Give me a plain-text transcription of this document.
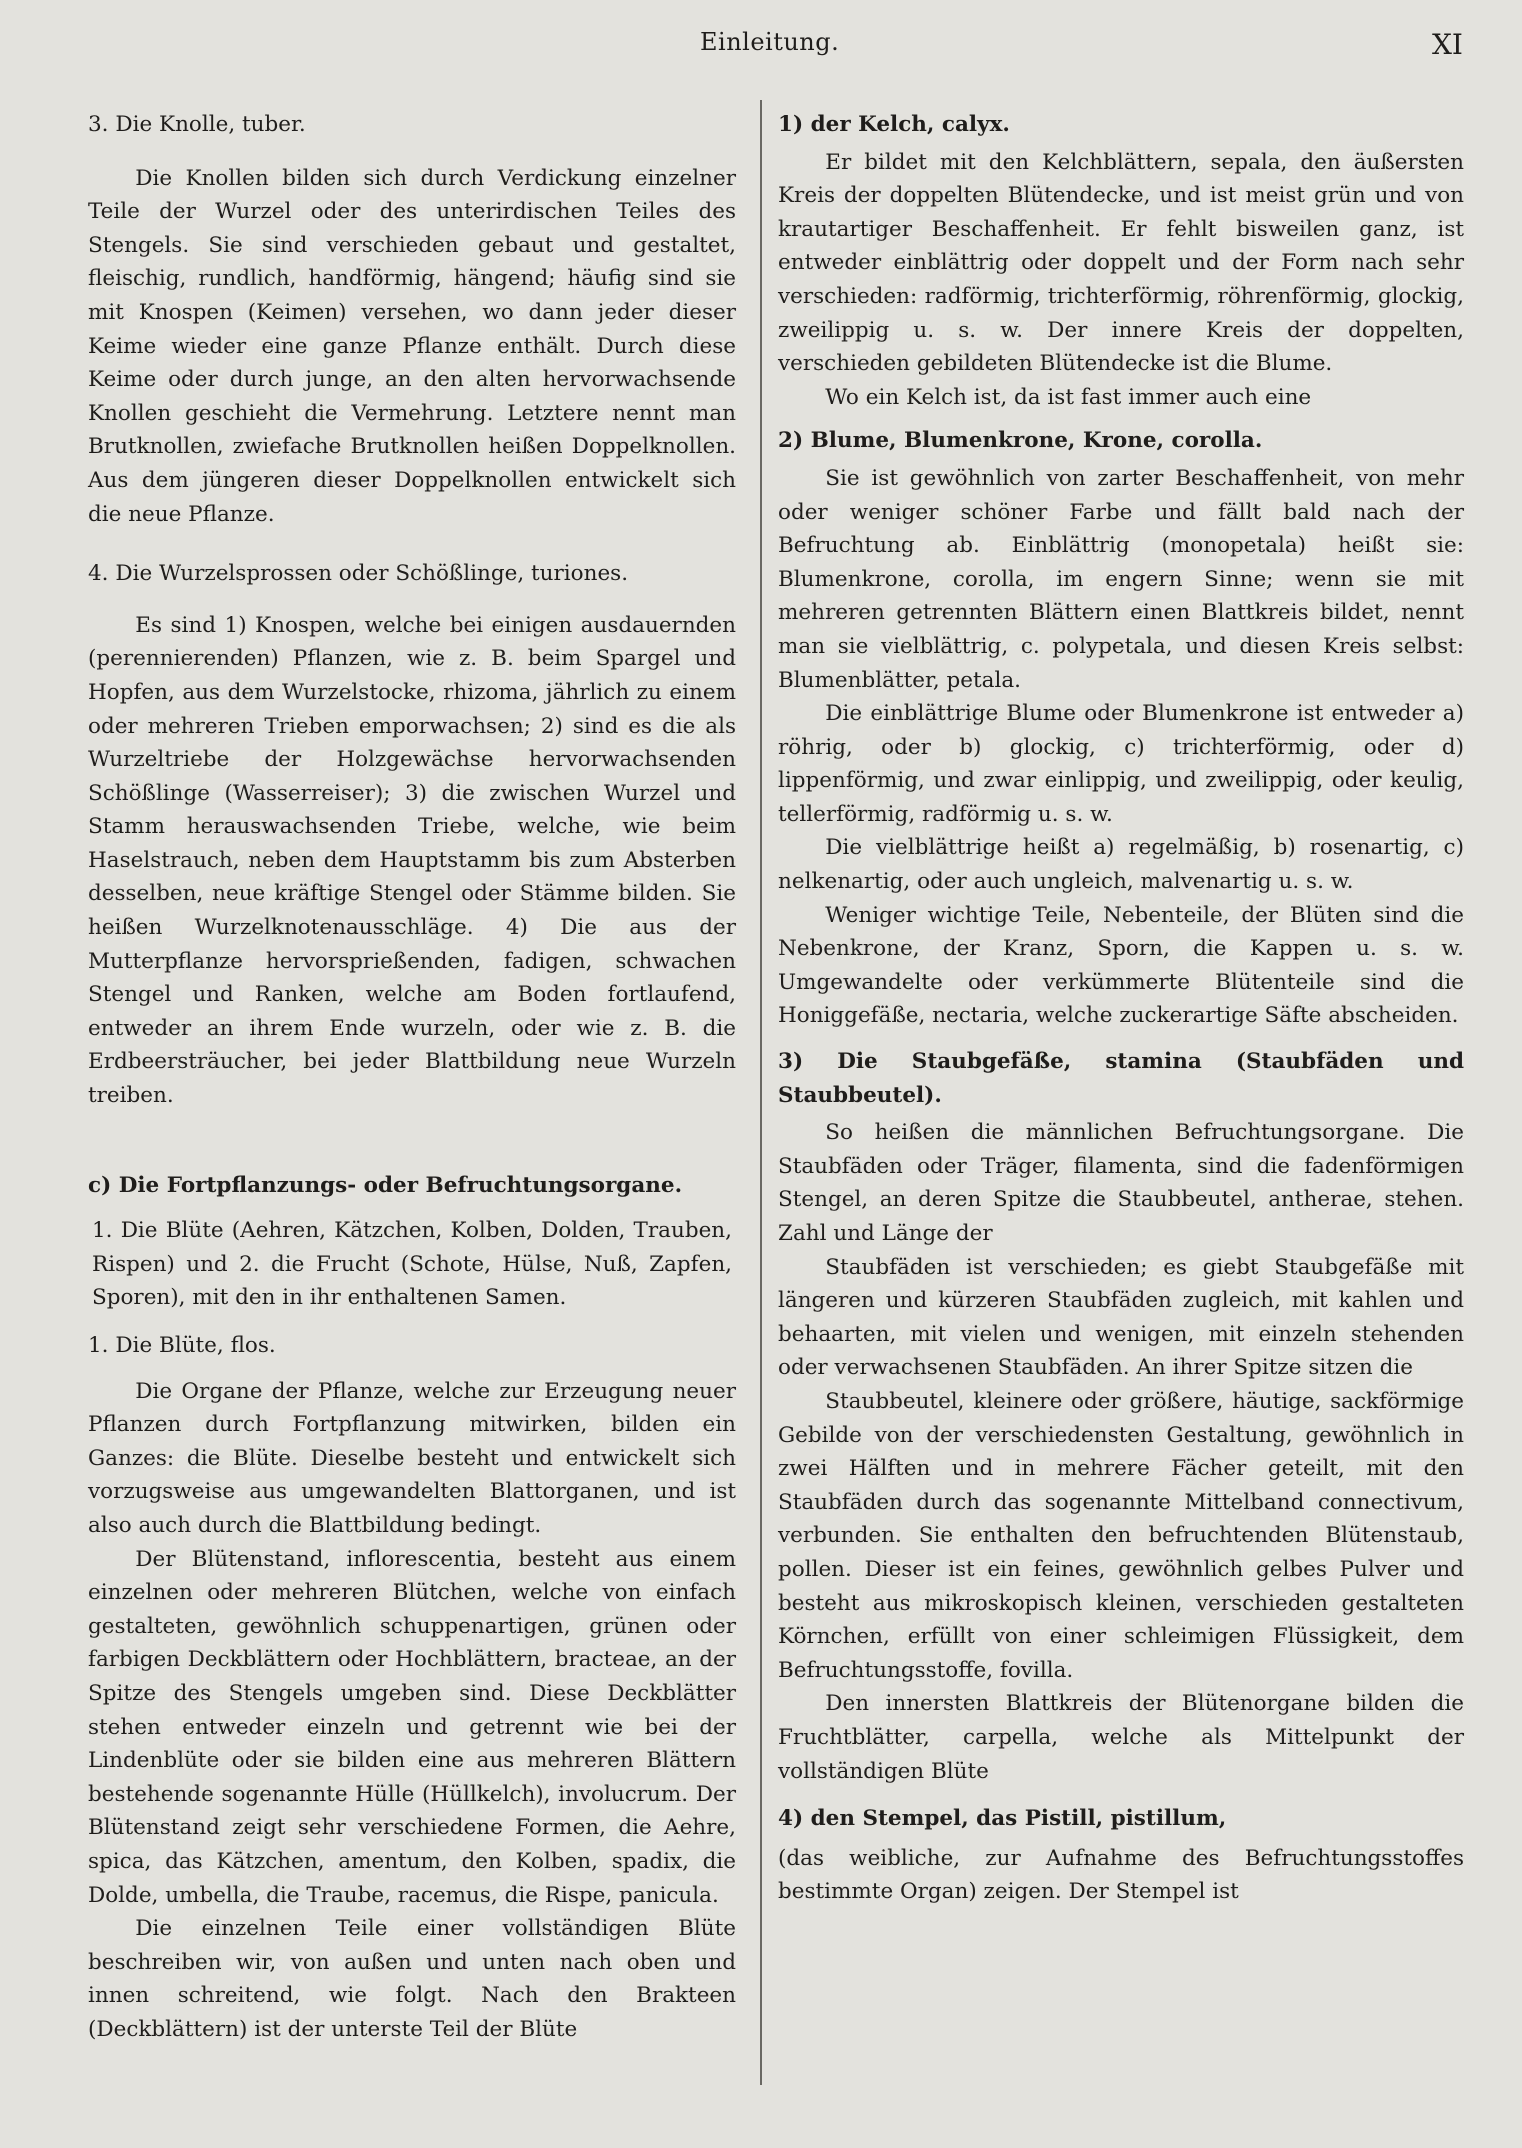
Einleitung.	XI

3. Die Knolle, tuber.

Die Knollen bilden sich durch Verdickung einzelner Teile der Wurzel oder des unterirdischen Teiles des Stengels. Sie sind verschieden gebaut und gestaltet, fleischig, rundlich, handförmig, hängend; häufig sind sie mit Knospen (Keimen) versehen, wo dann jeder dieser Keime wieder eine ganze Pflanze enthält. Durch diese Keime oder durch junge, an den alten hervorwachsende Knollen geschieht die Vermehrung. Letztere nennt man Brutknollen, zwiefache Brutknollen heißen Doppelknollen. Aus dem jüngeren dieser Doppelknollen entwickelt sich die neue Pflanze.

4. Die Wurzelsprossen oder Schößlinge, turiones.

Es sind 1) Knospen, welche bei einigen ausdauernden (perennierenden) Pflanzen, wie z. B. beim Spargel und Hopfen, aus dem Wurzelstocke, rhizoma, jährlich zu einem oder mehreren Trieben emporwachsen; 2) sind es die als Wurzeltriebe der Holzgewächse hervorwachsenden Schößlinge (Wasserreiser); 3) die zwischen Wurzel und Stamm herauswachsenden Triebe, welche, wie beim Haselstrauch, neben dem Hauptstamm bis zum Absterben desselben, neue kräftige Stengel oder Stämme bilden. Sie heißen Wurzelknotenausschläge. 4) Die aus der Mutterpflanze hervorsprießenden, fadigen, schwachen Stengel und Ranken, welche am Boden fortlaufend, entweder an ihrem Ende wurzeln, oder wie z. B. die Erdbeersträucher, bei jeder Blattbildung neue Wurzeln treiben.

c) Die Fortpflanzungs- oder Befruchtungsorgane.

1. Die Blüte (Aehren, Kätzchen, Kolben, Dolden, Trauben, Rispen) und 2. die Frucht (Schote, Hülse, Nuß, Zapfen, Sporen), mit den in ihr enthaltenen Samen.

1. Die Blüte, flos.

Die Organe der Pflanze, welche zur Erzeugung neuer Pflanzen durch Fortpflanzung mitwirken, bilden ein Ganzes: die Blüte. Dieselbe besteht und entwickelt sich vorzugsweise aus umgewandelten Blattorganen, und ist also auch durch die Blattbildung bedingt.

Der Blütenstand, inflorescentia, besteht aus einem einzelnen oder mehreren Blütchen, welche von einfach gestalteten, gewöhnlich schuppenartigen, grünen oder farbigen Deckblättern oder Hochblättern, bracteae, an der Spitze des Stengels umgeben sind. Diese Deckblätter stehen entweder einzeln und getrennt wie bei der Lindenblüte oder sie bilden eine aus mehreren Blättern bestehende sogenannte Hülle (Hüllkelch), involucrum. Der Blütenstand zeigt sehr verschiedene Formen, die Aehre, spica, das Kätzchen, amentum, den Kolben, spadix, die Dolde, umbella, die Traube, racemus, die Rispe, panicula.

Die einzelnen Teile einer vollständigen Blüte beschreiben wir, von außen und unten nach oben und innen schreitend, wie folgt. Nach den Brakteen (Deckblättern) ist der unterste Teil der Blüte

1) der Kelch, calyx.

Er bildet mit den Kelchblättern, sepala, den äußersten Kreis der doppelten Blütendecke, und ist meist grün und von krautartiger Beschaffenheit. Er fehlt bisweilen ganz, ist entweder einblättrig oder doppelt und der Form nach sehr verschieden: radförmig, trichterförmig, röhrenförmig, glockig, zweilippig u. s. w. Der innere Kreis der doppelten, verschieden gebildeten Blütendecke ist die Blume.

Wo ein Kelch ist, da ist fast immer auch eine

2) Blume, Blumenkrone, Krone, corolla.

Sie ist gewöhnlich von zarter Beschaffenheit, von mehr oder weniger schöner Farbe und fällt bald nach der Befruchtung ab. Einblättrig (monopetala) heißt sie: Blumenkrone, corolla, im engern Sinne; wenn sie mit mehreren getrennten Blättern einen Blattkreis bildet, nennt man sie vielblättrig, c. polypetala, und diesen Kreis selbst: Blumenblätter, petala.

Die einblättrige Blume oder Blumenkrone ist entweder a) röhrig, oder b) glockig, c) trichterförmig, oder d) lippenförmig, und zwar einlippig, und zweilippig, oder keulig, tellerförmig, radförmig u. s. w.

Die vielblättrige heißt a) regelmäßig, b) rosenartig, c) nelkenartig, oder auch ungleich, malvenartig u. s. w.

Weniger wichtige Teile, Nebenteile, der Blüten sind die Nebenkrone, der Kranz, Sporn, die Kappen u. s. w. Umgewandelte oder verkümmerte Blütenteile sind die Honiggefäße, nectaria, welche zuckerartige Säfte abscheiden.

3) Die Staubgefäße, stamina (Staubfäden und Staubbeutel).

So heißen die männlichen Befruchtungsorgane. Die Staubfäden oder Träger, filamenta, sind die fadenförmigen Stengel, an deren Spitze die Staubbeutel, antherae, stehen. Zahl und Länge der

Staubfäden ist verschieden; es giebt Staubgefäße mit längeren und kürzeren Staubfäden zugleich, mit kahlen und behaarten, mit vielen und wenigen, mit einzeln stehenden oder verwachsenen Staubfäden. An ihrer Spitze sitzen die

Staubbeutel, kleinere oder größere, häutige, sackförmige Gebilde von der verschiedensten Gestaltung, gewöhnlich in zwei Hälften und in mehrere Fächer geteilt, mit den Staubfäden durch das sogenannte Mittelband connectivum, verbunden. Sie enthalten den befruchtenden Blütenstaub, pollen. Dieser ist ein feines, gewöhnlich gelbes Pulver und besteht aus mikroskopisch kleinen, verschieden gestalteten Körnchen, erfüllt von einer schleimigen Flüssigkeit, dem Befruchtungsstoffe, fovilla.

Den innersten Blattkreis der Blütenorgane bilden die Fruchtblätter, carpella, welche als Mittelpunkt der vollständigen Blüte

4) den Stempel, das Pistill, pistillum,

(das weibliche, zur Aufnahme des Befruchtungsstoffes bestimmte Organ) zeigen. Der Stempel ist
